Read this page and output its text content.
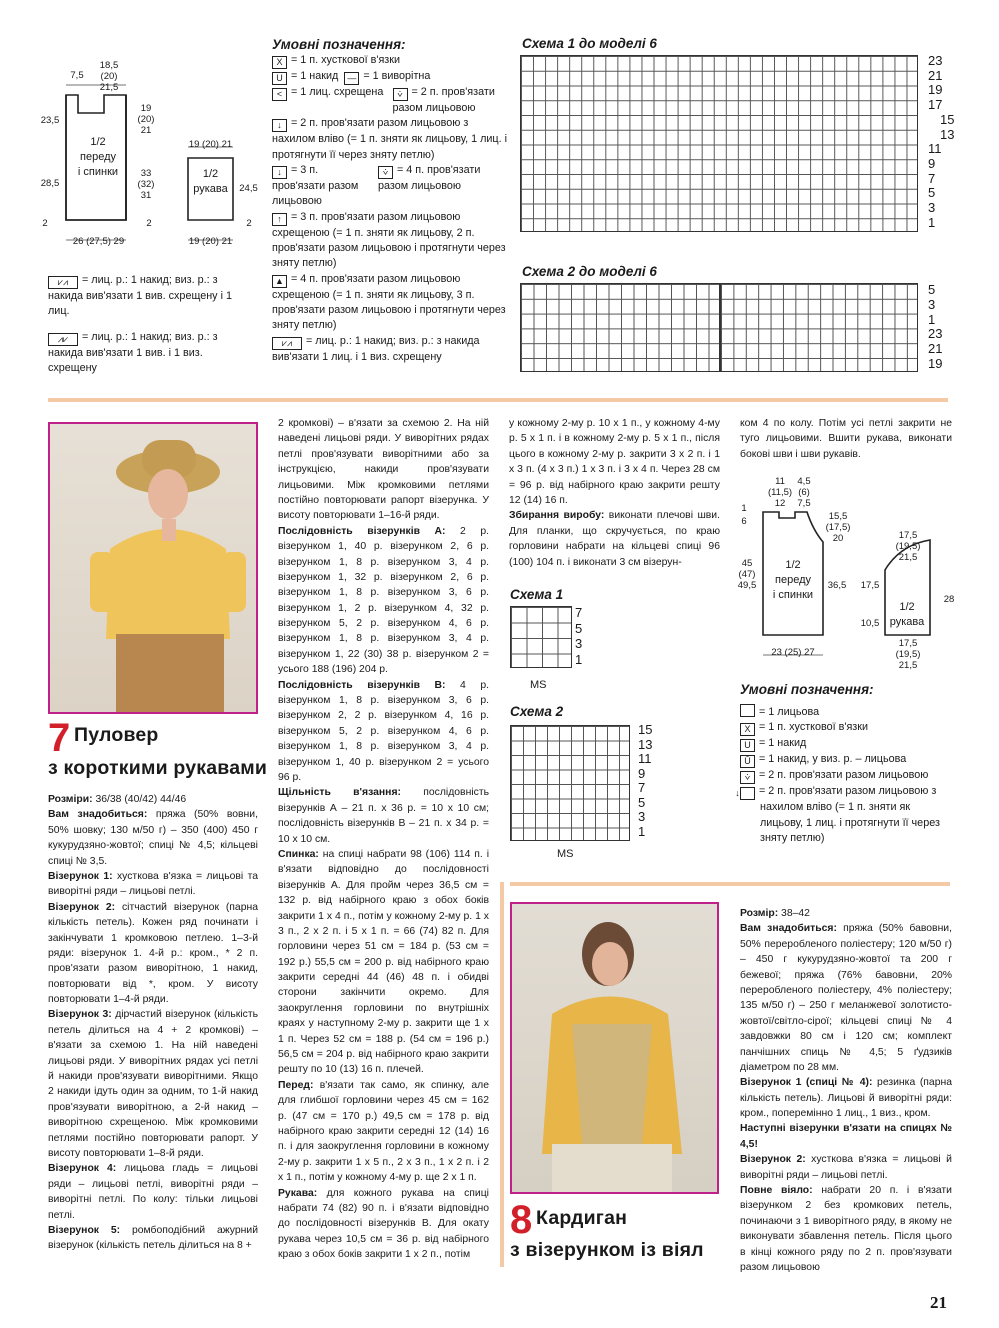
7,5
18,5
(20)
21,5
19
(20)
21
23,5
28,5
33
(32)
31
1/2
переду
і спинки
2	2
26 (27,5) 29
19 (20) 21
1/2
рукава	24,5
19 (20) 21
2
⩗⩘ = лиц. р.: 1 накид; виз. р.: з накида вив'язати 1 вив. схрещену і 1 лиц.
⩘⩗ = лиц. р.: 1 накид; виз. р.: з накида вив'язати 1 вив. і 1 виз. схрещену
Умовні позначення:
X = 1 п. хусткової в'язки
U = 1 накид — = 1 виворітна
< = 1 лиц. схрещена	⩒ = 2 п. пров'язати разом лицьовою
↓ = 2 п. пров'язати разом лицьовою з нахилом вліво (= 1 п. зняти як лицьову, 1 лиц. і протягнути її через зняту петлю)
↓ = 3 п. пров'язати разом лицьовою
⩒ = 4 п. пров'язати разом лицьовою
↑ = 3 п. пров'язати разом лицьовою схрещеною (= 1 п. зняти як лицьову, 2 п. пров'язати разом лицьовою і протягнути через зняту петлю)
▲ = 4 п. пров'язати разом лицьовою схрещеною (= 1 п. зняти як лицьову, 3 п. пров'язати разом лицьовою і протягнути через зняту петлю)
⩗⩘ = лиц. р.: 1 накид; виз. р.: з накида вив'язати 1 лиц. і 1 виз. схрещену
Схема 1 до моделі 6
23
21
19
17
15
13
11
9
7
5
3
1
Схема 2 до моделі 6
5
3
1
23
21
19
7 Пуловер
з короткими рукавами

Розміри: 36/38 (40/42) 44/46

Вам знадобиться: пряжа (50% вовни, 50% шовку; 130 м/50 г) – 350 (400) 450 г кукурудзяно-жовтої; спиці № 4,5; кільцеві спиці № 3,5.

Візерунок 1: хусткова в'язка = лицьові та виворітні ряди – лицьові петлі.

Візерунок 2: сітчастий візерунок (парна кількість петель). Кожен ряд починати і закінчувати 1 кромковою петлею. 1–3-й ряди: візерунок 1. 4-й р.: кром., * 2 п. пров'язати разом виворітною, 1 накид, повторювати від *, кром. У висоту повторювати 1–4-й ряди.

Візерунок 3: дірчастий візерунок (кількість петель ділиться на 4 + 2 кромкові) – в'язати за схемою 1. На ній наведені лицьові ряди. У виворітних рядах усі петлі й накиди пров'язувати виворітними. Якщо 2 накиди ідуть один за одним, то 1-й накид пров'язувати виворітною, а 2-й накид – виворітною схрещеною. Між кромковими петлями постійно повторювати рапорт. У висоту повторювати 1–8-й ряди.

Візерунок 4: лицьова гладь = лицьові ряди – лицьові петлі, виворітні ряди – виворітні петлі. По колу: тільки лицьові петлі.

Візерунок 5: ромбоподібний ажурний візерунок (кількість петель ділиться на 8 +

2 кромкові) – в'язати за схемою 2. На ній наведені лицьові ряди. У виворітних рядах петлі пров'язувати виворітними або за інструкцією, накиди пров'язувати лицьовими. Між кромковими петлями постійно повторювати рапорт візерунка. У висоту повторювати 1–16-й ряди.

Послідовність візерунків А: 2 р. візерунком 1, 40 р. візерунком 2, 6 р. візерунком 1, 8 р. візерунком 3, 4 р. візерунком 1, 32 р. візерунком 2, 6 р. візерунком 1, 8 р. візерунком 3, 6 р. візерунком 1, 2 р. візерунком 4, 32 р. візерунком 5, 2 р. візерунком 4, 6 р. візерунком 1, 8 р. візерунком 3, 4 р. візерунком 1, 22 (30) 38 р. візерунком 2 = усього 188 (196) 204 р.

Послідовність візерунків В: 4 р. візерунком 1, 8 р. візерунком 3, 6 р. візерунком 2, 2 р. візерунком 4, 16 р. візерунком 5, 2 р. візерунком 4, 6 р. візерунком 1, 8 р. візерунком 3, 4 р. візерунком 1, 40 р. візерунком 2 = усього 96 р.

Щільність в'язання: послідовність візерунків А – 21 п. x 36 р. = 10 x 10 см; послідовність візерунків В – 21 п. x 34 р. = 10 x 10 см.

Спинка: на спиці набрати 98 (106) 114 п. і в'язати відповідно до послідовності візерунків А. Для пройм через 36,5 см = 132 р. від набірного краю з обох боків закрити 1 x 4 п., потім у кожному 2-му р. 1 x 3 п., 2 x 2 п. і 5 x 1 п. = 66 (74) 82 п. Для горловини через 51 см = 184 р. (53 см = 192 р.) 55,5 см = 200 р. від набірного краю закрити середні 44 (46) 48 п. і обидві сторони закінчити окремо. Для заокруглення горловини по внутрішніх краях у наступному 2-му р. закрити ще 1 x 1 п. Через 52 см = 188 р. (54 см = 196 р.) 56,5 см = 204 р. від набірного краю закрити решту по 10 (13) 16 п. плечей.

Перед: в'язати так само, як спинку, але для глибшої горловини через 45 см = 162 р. (47 см = 170 р.) 49,5 см = 178 р. від набірного краю закрити середні 12 (14) 16 п. і для заокруглення горловини в кожному 2-му р. закрити 1 x 5 п., 2 x 3 п., 1 x 2 п. і 2 x 1 п., потім у кожному 4-му р. ще 2 x 1 п.

Рукава: для кожного рукава на спиці набрати 74 (82) 90 п. і в'язати відповідно до послідовності візерунків В. Для окату рукава через 10,5 см = 36 р. від набірного краю з обох боків закрити 1 x 2 п., потім

у кожному 2-му р. 10 x 1 п., у кожному 4-му р. 5 x 1 п. і в кожному 2-му р. 5 x 1 п., після цього в кожному 2-му р. закрити 3 x 2 п. і 1 x 3 п. (4 x 3 п.) 1 x 3 п. і 3 x 4 п. Через 28 см = 96 р. від набірного краю закрити решту 12 (14) 16 п.

Збирання виробу: виконати плечові шви. Для планки, що скручується, по краю горловини набрати на кільцеві спиці 96 (100) 104 п. і виконати 3 см візерун-

Схема 1
7
5
3
1
MS
Схема 2
15
13
11
9
7
5
3
1
MS

ком 4 по колу. Потім усі петлі закрити не туго лицьовими. Вшити рукава, виконати бокові шви і шви рукавів.

11
(11,5)
12
4,5
(6)
7,5
1
6	15,5
(17,5)
20
45
(47)
49,5
1/2
переду
і спинки
36,5
23 (25) 27
17,5
(19,5)
21,5
17,5
10,5
1/2
рукава
28
17,5
(19,5)
21,5
Умовні позначення:
= 1 лицьова
X = 1 п. хусткової в'язки
U = 1 накид
Ū = 1 накид, у виз. р. – лицьова
⩒ = 2 п. пров'язати разом лицьовою
↓ = 2 п. пров'язати разом лицьовою з нахилом вліво (= 1 п. зняти як лицьову, 1 лиц. і протягнути її через зняту петлю)
8 Кардиган
з візерунком із віял

Розмір: 38–42

Вам знадобиться: пряжа (50% бавовни, 50% переробленого поліестеру; 120 м/50 г) – 450 г кукурудзяно-жовтої та 200 г бежевої; пряжа (76% бавовни, 20% переробленого поліестеру, 4% поліестеру; 135 м/50 г) – 250 г меланжевої золотисто-жовтої/світло-сірої; кільцеві спиці № 4 завдовжки 80 см і 120 см; комплект панчішних спиць № 4,5; 5 ґудзиків діаметром по 28 мм.

Візерунок 1 (спиці № 4): резинка (парна кількість петель). Лицьові й виворітні ряди: кром., поперемінно 1 лиц., 1 виз., кром.

Наступні візерунки в'язати на спицях № 4,5!

Візерунок 2: хусткова в'язка = лицьові й виворітні ряди – лицьові петлі.

Повне віяло: набрати 20 п. і в'язати візерунком 2 без кромкових петель, починаючи з 1 виворітного ряду, в якому не виконувати збавлення петель. Після цього в кінці кожного ряду по 2 п. пров'язувати разом лицьовою

21
